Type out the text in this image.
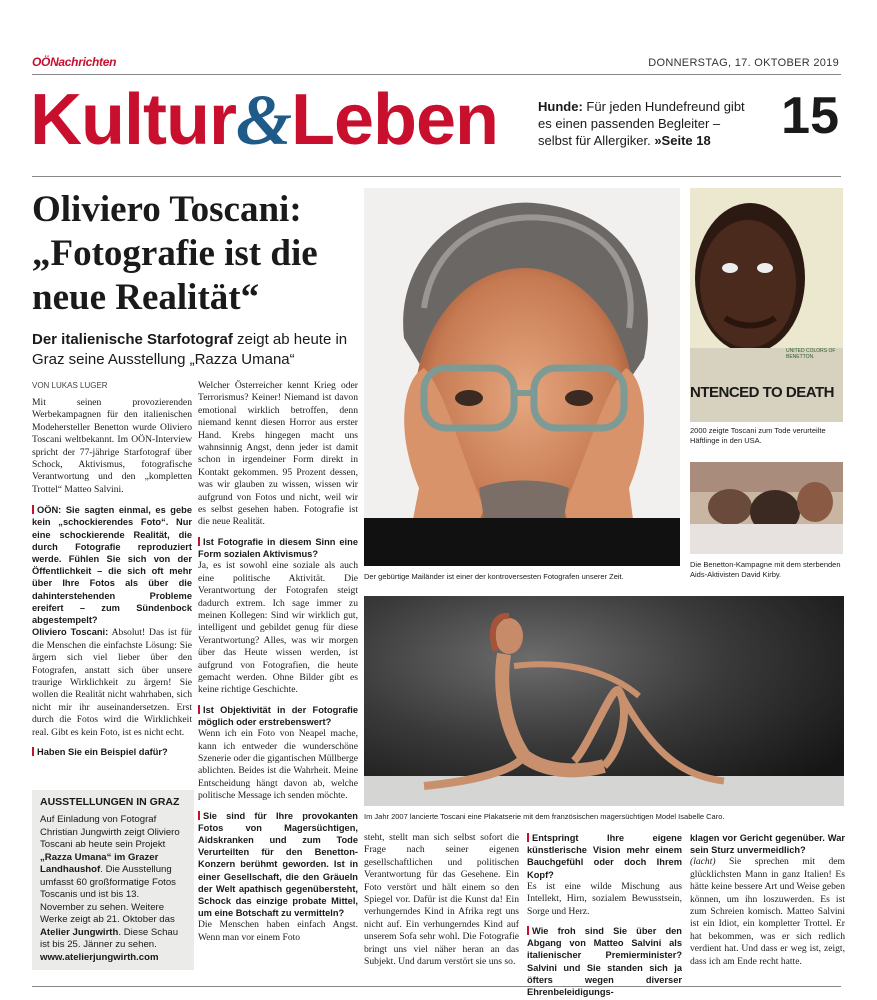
OÖNachrichten	DONNERSTAG, 17. OKTOBER 2019
Kultur&Leben	Hunde: Für jeden Hundefreund gibt es einen passenden Begleiter – selbst für Allergiker. »Seite 18	15
Oliviero Toscani: „Fotografie ist die neue Realität“
Der italienische Starfotograf zeigt ab heute in Graz seine Ausstellung „Razza Umana“
VON LUKAS LUGER

Mit seinen provozierenden Werbekampagnen für den italienischen Modehersteller Benetton wurde Oliviero Toscani weltbekannt. Im OÖN-Interview spricht der 77-jährige Starfotograf über Schock, Aktivismus, fotografische Verantwortung und den „kompletten Trottel“ Matteo Salvini.

OÖN: Sie sagten einmal, es gebe kein „schockierendes Foto“. Nur eine schockierende Realität, die durch Fotografie reproduziert werde. Fühlen Sie sich von der Öffentlichkeit – die sich oft mehr über Ihre Fotos als über die dahinterstehenden Probleme ereifert – zum Sündenbock abgestempelt?

Oliviero Toscani: Absolut! Das ist für die Menschen die einfachste Lösung: Sie ärgern sich viel lieber über den Fotografen, anstatt sich über unsere traurige Wirklichkeit zu ärgern! Sie wollen die Realität nicht wahrhaben, sich nicht mir ihr auseinandersetzen. Erst durch die Fotos wird die Wirklichkeit real. Gibt es kein Foto, ist es nicht echt.

Haben Sie ein Beispiel dafür?

AUSSTELLUNGEN IN GRAZ
Auf Einladung von Fotograf Christian Jungwirth zeigt Oliviero Toscani ab heute sein Projekt „Razza Umana“ im Grazer Landhaushof. Die Ausstellung umfasst 60 großformatige Fotos Toscanis und ist bis 13. November zu sehen. Weitere Werke zeigt ab 21. Oktober das Atelier Jungwirth. Diese Schau ist bis 25. Jänner zu sehen.
www.atelierjungwirth.com

Welcher Österreicher kennt Krieg oder Terrorismus? Keiner! Niemand ist davon emotional wirklich betroffen, denn niemand kennt diesen Horror aus erster Hand. Krebs hingegen macht uns wahnsinnig Angst, denn jeder ist damit schon in irgendeiner Form direkt in Kontakt gekommen. 95 Prozent dessen, was wir glauben zu wissen, wissen wir aufgrund von Fotos und nicht, weil wir es selbst gesehen haben. Fotografie ist die neue Realität.

Ist Fotografie in diesem Sinn eine Form sozialen Aktivismus?

Ja, es ist sowohl eine soziale als auch eine politische Aktivität. Die Verantwortung der Fotografen steigt dadurch extrem. Ich sage immer zu meinen Kollegen: Sind wir wirklich gut, intelligent und gebildet genug für diese Verantwortung? Alles, was wir morgen über das Heute wissen werden, ist aufgrund von Fotografien, die heute gemacht werden. Ohne Bilder gibt es keine richtige Geschichte.

Ist Objektivität in der Fotografie möglich oder erstrebenswert?

Wenn ich ein Foto von Neapel mache, kann ich entweder die wunderschöne Szenerie oder die gigantischen Müllberge ablichten. Beides ist die Wahrheit. Meine Entscheidung hängt davon ab, welche politische Message ich senden möchte.

Sie sind für Ihre provokanten Fotos von Magersüchtigen, Aidskranken und zum Tode Verurteilten für den Benetton-Konzern berühmt geworden. Ist in einer Gesellschaft, die den Gräueln der Welt apathisch gegenübersteht, Schock das einzige probate Mittel, um eine Botschaft zu vermitteln?

Die Menschen haben einfach Angst. Wenn man vor einem Foto

Der gebürtige Mailänder ist einer der kontroversesten Fotografen unserer Zeit.
UNITED COLORS OF BENETTON.
NTENCED TO DEATH
2000 zeigte Toscani zum Tode verurteilte Häftlinge in den USA.
Die Benetton-Kampagne mit dem sterbenden Aids-Aktivisten David Kirby.
Im Jahr 2007 lancierte Toscani eine Plakatserie mit dem französischen magersüchtigen Model Isabelle Caro.

steht, stellt man sich selbst sofort die Frage nach seiner eigenen gesellschaftlichen und politischen Verantwortung für das Gesehene. Ein Foto verstört und hält einem so den Spiegel vor. Dafür ist die Kunst da! Ein verhungerndes Kind in Afrika regt uns nicht auf. Ein verhungerndes Kind auf unserem Sofa sehr wohl. Die Fotografie bringt uns viel näher heran an das Subjekt. Und darum verstört sie uns so.

Entspringt Ihre eigene künstlerische Vision mehr einem Bauchgefühl oder doch Ihrem Kopf?

Es ist eine wilde Mischung aus Intellekt, Hirn, sozialem Bewusstsein, Sorge und Herz.

Wie froh sind Sie über den Abgang von Matteo Salvini als italienischer Premierminister? Salvini und Sie standen sich ja öfters wegen diverser Ehrenbeleidigungs-

klagen vor Gericht gegenüber. War sein Sturz unvermeidlich?

(lacht) Sie sprechen mit dem glücklichsten Mann in ganz Italien! Es hätte keine bessere Art und Weise geben können, um ihn loszuwerden. Es ist zum Schreien komisch. Matteo Salvini ist ein Idiot, ein kompletter Trottel. Er hat bekommen, was er sich redlich verdient hat. Und dass er weg ist, zeigt, dass ich am Ende recht hatte.
